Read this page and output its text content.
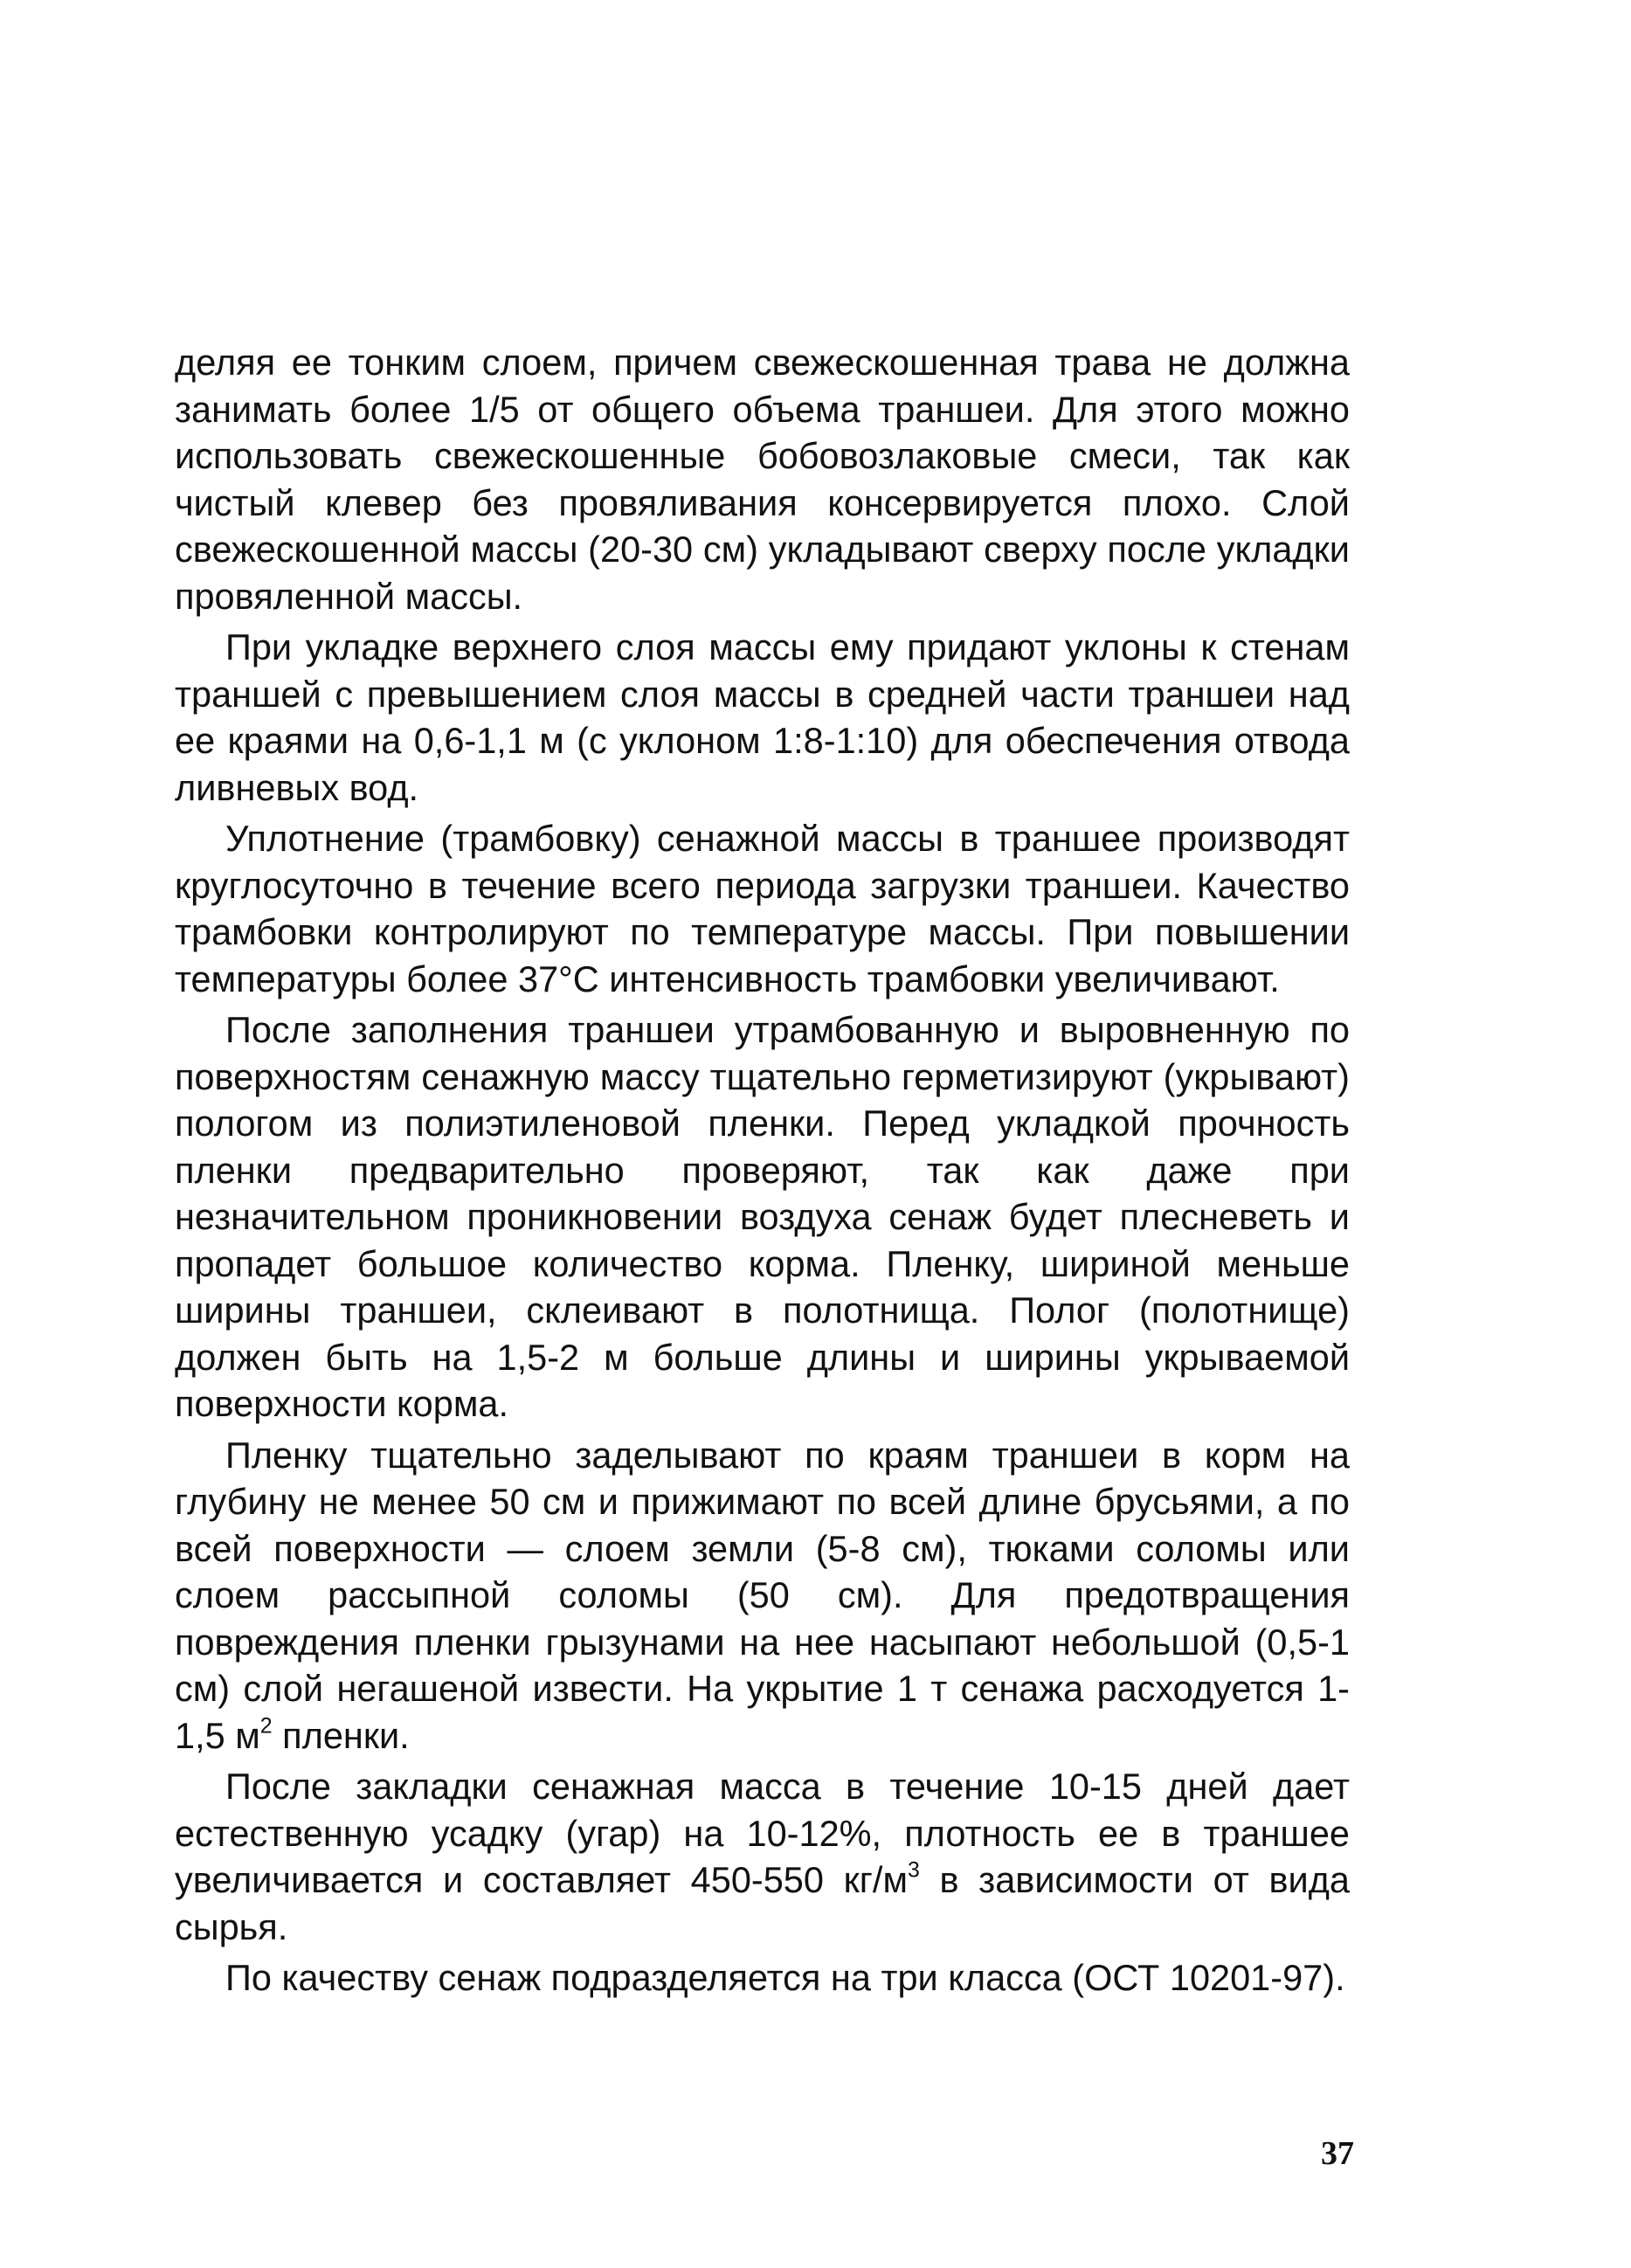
деляя ее тонким слоем, причем свежескошенная трава не должна занимать более 1/5 от общего объема траншеи. Для этого можно использовать свежескошенные бобовозлаковые смеси, так как чистый клевер без провяливания консервируется плохо. Слой свежескошенной массы (20-30 см) укладывают сверху после укладки провяленной массы.

При укладке верхнего слоя массы ему придают уклоны к стенам траншей с превышением слоя массы в средней части траншеи над ее краями на 0,6-1,1 м (с уклоном 1:8-1:10) для обеспечения отвода ливневых вод.

Уплотнение (трамбовку) сенажной массы в траншее производят круглосуточно в течение всего периода загрузки траншеи. Качество трамбовки контролируют по температуре массы. При повышении температуры более 37°С интенсивность трамбовки увеличивают.

После заполнения траншеи утрамбованную и выровненную по поверхностям сенажную массу тщательно герметизируют (укрывают) пологом из полиэтиленовой пленки. Перед укладкой прочность пленки предварительно проверяют, так как даже при незначительном проникновении воздуха сенаж будет плесневеть и пропадет большое количество корма. Пленку, шириной меньше ширины траншеи, склеивают в полотнища. Полог (полотнище) должен быть на 1,5-2 м больше длины и ширины укрываемой поверхности корма.

Пленку тщательно заделывают по краям траншеи в корм на глубину не менее 50 см и прижимают по всей длине брусьями, а по всей поверхности — слоем земли (5-8 см), тюками соломы или слоем рассыпной соломы (50 см). Для предотвращения повреждения пленки грызунами на нее насыпают небольшой (0,5-1 см) слой негашеной извести. На укрытие 1 т сенажа расходуется 1-1,5 $м^2$ пленки.

После закладки сенажная масса в течение 10-15 дней дает естественную усадку (угар) на 10-12%, плотность ее в траншее увеличивается и составляет 450-550 $кг/м^3$ в зависимости от вида сырья.

По качеству сенаж подразделяется на три класса (ОСТ 10201-97).

37
